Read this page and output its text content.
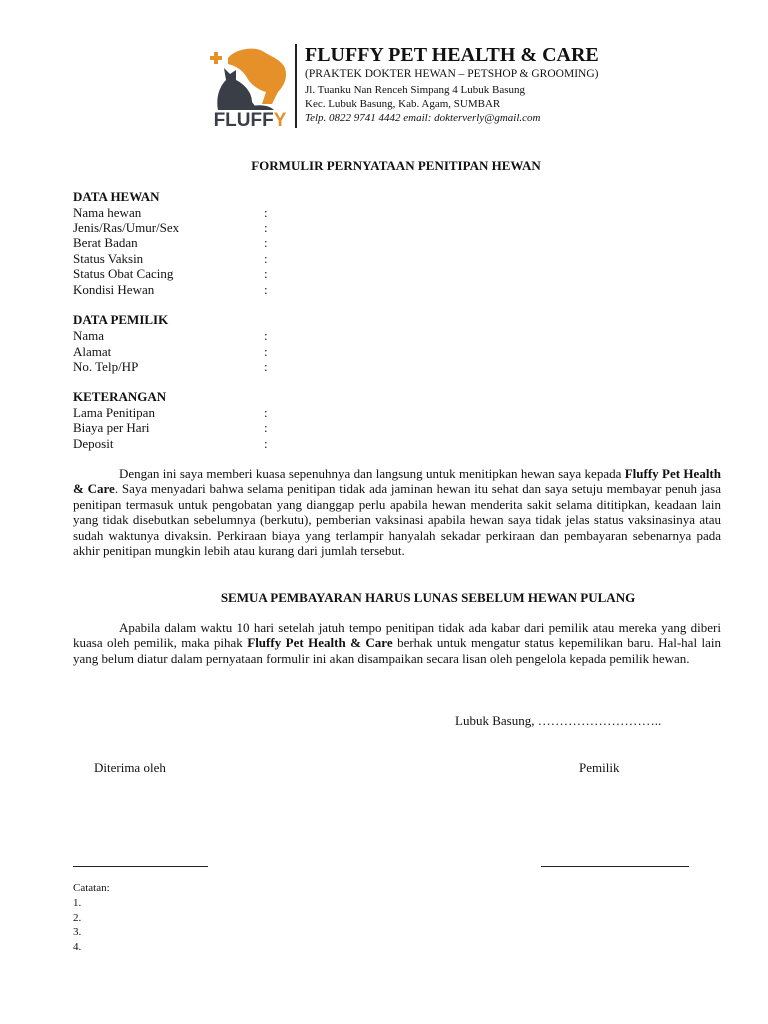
FLUFFY
FLUFFY PET HEALTH & CARE
(PRAKTEK DOKTER HEWAN – PETSHOP & GROOMING)
Jl. Tuanku Nan Renceh Simpang 4 Lubuk Basung
Kec. Lubuk Basung, Kab. Agam, SUMBAR
Telp. 0822 9741 4442 email: dokterverly@gmail.com
FORMULIR PERNYATAAN PENITIPAN HEWAN
DATA HEWAN
Nama hewan	:
Jenis/Ras/Umur/Sex	:
Berat Badan	:
Status Vaksin	:
Status Obat Cacing	:
Kondisi Hewan	:
DATA PEMILIK
Nama	:
Alamat	:
No. Telp/HP	:
KETERANGAN
Lama Penitipan	:
Biaya per Hari	:
Deposit	:
Dengan ini saya memberi kuasa sepenuhnya dan langsung untuk menitipkan hewan saya kepada Fluffy Pet Health & Care. Saya menyadari bahwa selama penitipan tidak ada jaminan hewan itu sehat dan saya setuju membayar penuh jasa penitipan termasuk untuk pengobatan yang dianggap perlu apabila hewan menderita sakit selama dititipkan, keadaan lain yang tidak disebutkan sebelumnya (berkutu), pemberian vaksinasi apabila hewan saya tidak jelas status vaksinasinya atau sudah waktunya divaksin. Perkiraan biaya yang terlampir hanyalah sekadar perkiraan dan pembayaran sebenarnya pada akhir penitipan mungkin lebih atau kurang dari jumlah tersebut.
SEMUA PEMBAYARAN HARUS LUNAS SEBELUM HEWAN PULANG
Apabila dalam waktu 10 hari setelah jatuh tempo penitipan tidak ada kabar dari pemilik atau mereka yang diberi kuasa oleh pemilik, maka pihak Fluffy Pet Health & Care berhak untuk mengatur status kepemilikan baru. Hal-hal lain yang belum diatur dalam pernyataan formulir ini akan disampaikan secara lisan oleh pengelola kepada pemilik hewan.
Lubuk Basung, ………………………..
Diterima oleh	Pemilik
Catatan:
1.
2.
3.
4.
